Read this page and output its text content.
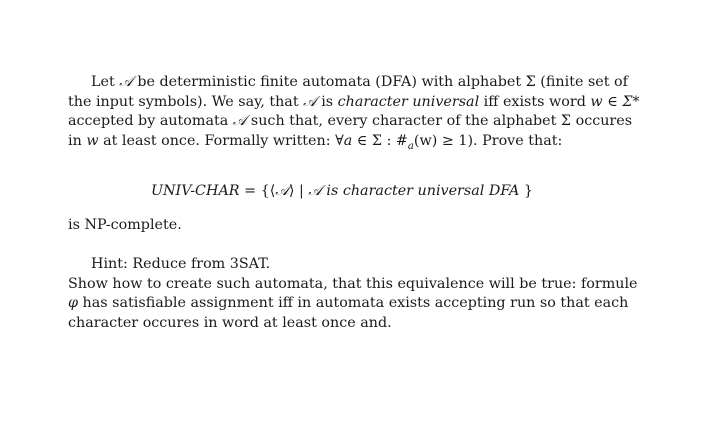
Let 𝒜 be deterministic finite automata (DFA) with alphabet Σ (finite set of
the input symbols). We say, that 𝒜 is character universal iff exists word w ∈ Σ*
accepted by automata 𝒜 such that, every character of the alphabet Σ occures
in w at least once. Formally written: ∀a ∈ Σ : $\#_a(w) \ge 1$). Prove that:
UNIV-CHAR = {⟨𝒜⟩ | 𝒜 is character universal DFA }
is NP-complete.
Hint: Reduce from 3SAT.
Show how to create such automata, that this equivalence will be true: formule
φ has satisfiable assignment iff in automata exists accepting run so that each
character occures in word at least once and.
